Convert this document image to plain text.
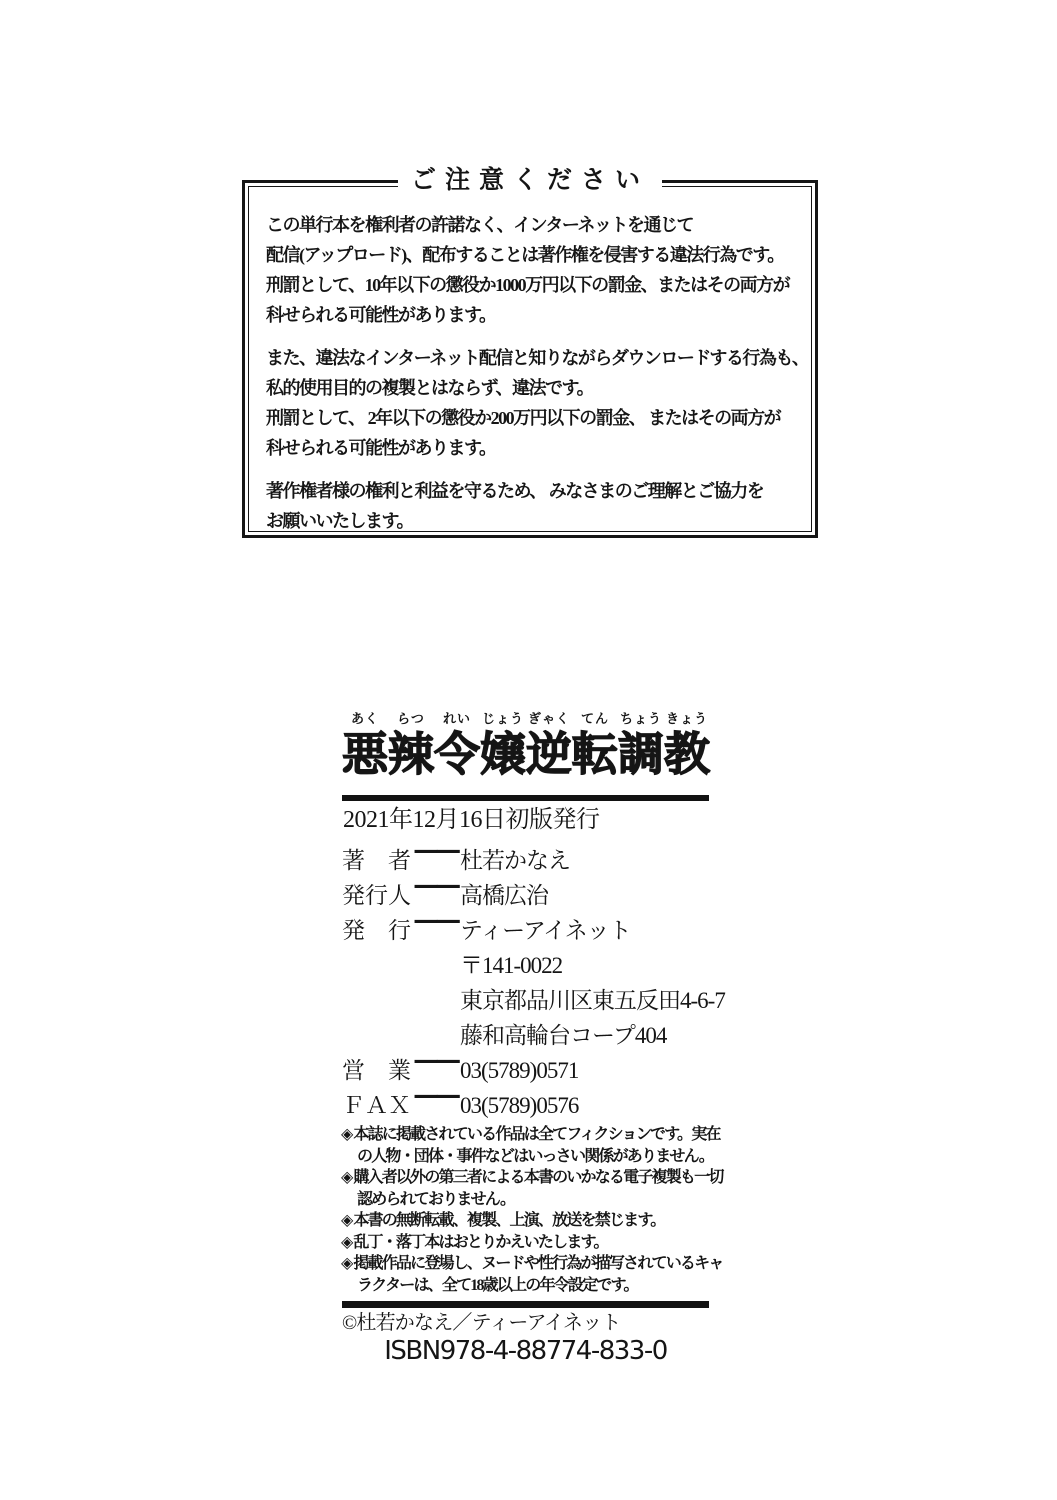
ご注意ください

この単行本を権利者の許諾なく、インターネットを通じて
配信(アップロード)、配布することは著作権を侵害する違法行為です。
刑罰として、10年以下の懲役か1000万円以下の罰金、またはその両方が
科せられる可能性があります。

また、違法なインターネット配信と知りながらダウンロードする行為も、
私的使用目的の複製とはならず、違法です。
刑罰として、 2年以下の懲役か200万円以下の罰金、 またはその両方が
科せられる可能性があります。

著作権者様の権利と利益を守るため、 みなさまのご理解とご協力を
お願いいたします。

あく
悪
らつ
辣
れい
令
じょう
嬢
ぎゃく
逆
てん
転
ちょう
調
きょう
教
2021年12月16日初版発行
著　者 ── 杜若かなえ
発行人 ── 高橋広治
発　行 ── ティーアイネット
〒141-0022
東京都品川区東五反田4-6-7
藤和高輪台コープ404
営　業 ── 03(5789)0571
ＦＡＸ ── 03(5789)0576
◈本誌に掲載されている作品は全てフィクションです。実在の人物・団体・事件などはいっさい関係がありません。
◈購入者以外の第三者による本書のいかなる電子複製も一切認められておりません。
◈本書の無断転載、複製、上演、放送を禁じます。
◈乱丁・落丁本はおとりかえいたします。
◈掲載作品に登場し、ヌードや性行為が描写されているキャラクターは、全て18歳以上の年令設定です。
©杜若かなえ／ティーアイネット
ISBN978-4-88774-833-0
